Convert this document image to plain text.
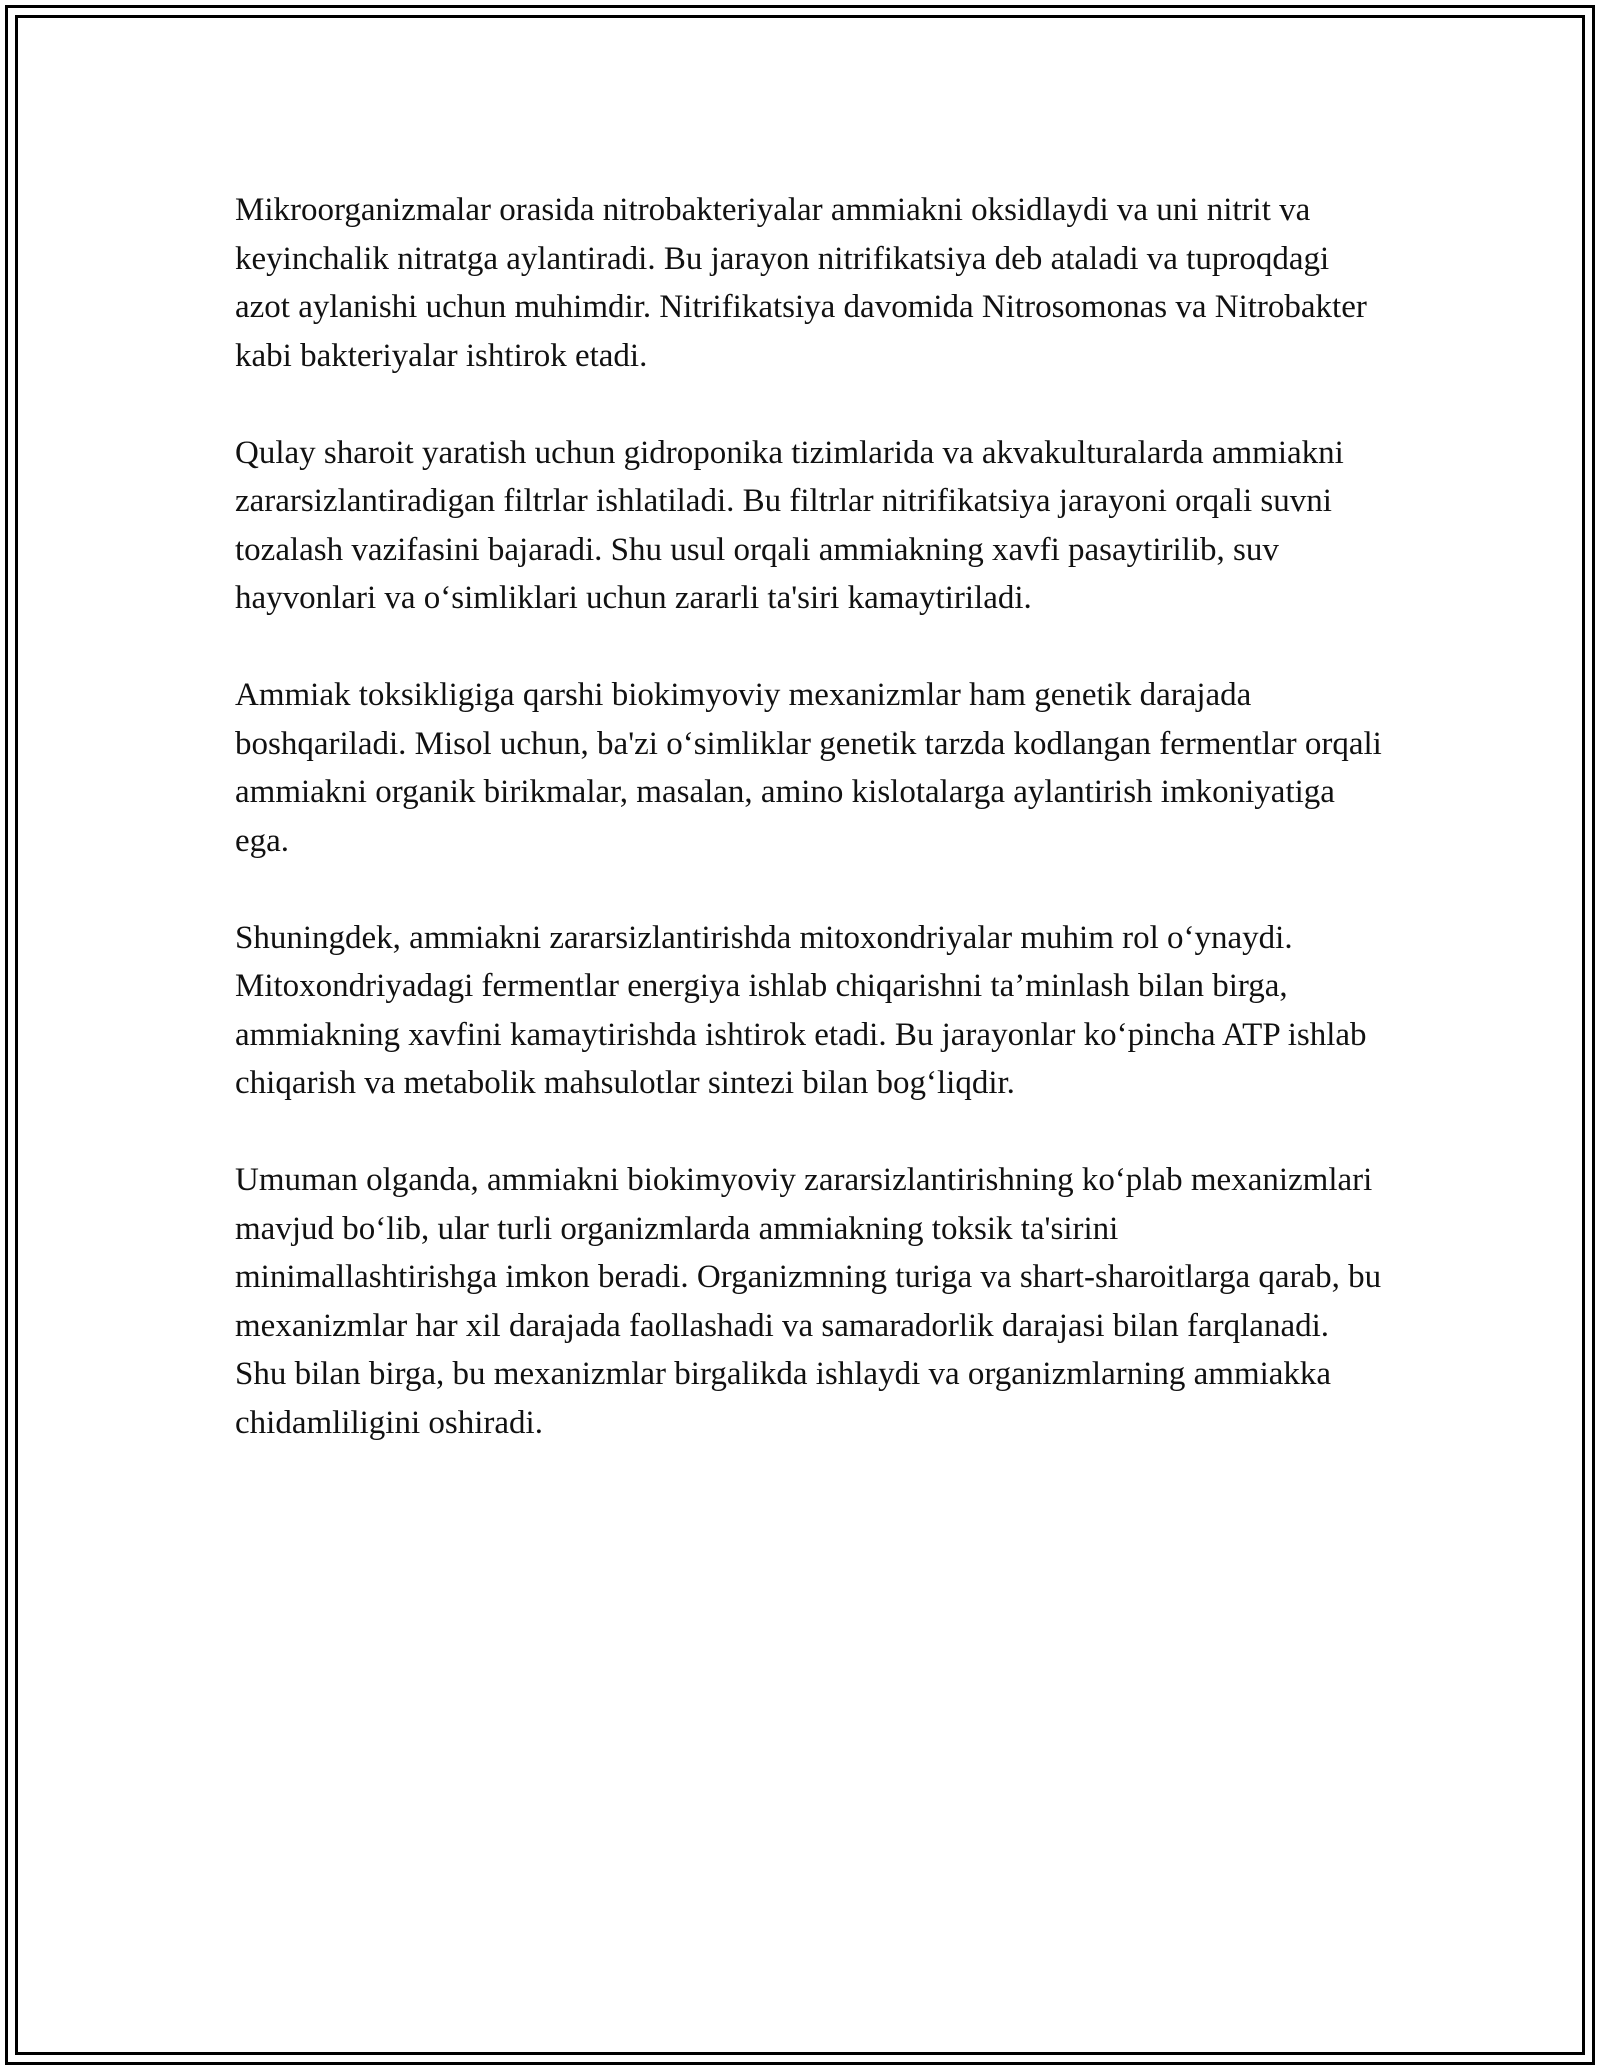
Mikroorganizmalar orasida nitrobakteriyalar ammiakni oksidlaydi va uni nitrit va keyinchalik nitratga aylantiradi. Bu jarayon nitrifikatsiya deb ataladi va tuproqdagi azot aylanishi uchun muhimdir. Nitrifikatsiya davomida Nitrosomonas va Nitrobakter kabi bakteriyalar ishtirok etadi.

Qulay sharoit yaratish uchun gidroponika tizimlarida va akvakulturalarda ammiakni zararsizlantiradigan filtrlar ishlatiladi. Bu filtrlar nitrifikatsiya jarayoni orqali suvni tozalash vazifasini bajaradi. Shu usul orqali ammiakning xavfi pasaytirilib, suv hayvonlari va o‘simliklari uchun zararli ta'siri kamaytiriladi.

Ammiak toksikligiga qarshi biokimyoviy mexanizmlar ham genetik darajada boshqariladi. Misol uchun, ba'zi o‘simliklar genetik tarzda kodlangan fermentlar orqali ammiakni organik birikmalar, masalan, amino kislotalarga aylantirish imkoniyatiga ega.

Shuningdek, ammiakni zararsizlantirishda mitoxondriyalar muhim rol o‘ynaydi. Mitoxondriyadagi fermentlar energiya ishlab chiqarishni ta’minlash bilan birga, ammiakning xavfini kamaytirishda ishtirok etadi. Bu jarayonlar ko‘pincha ATP ishlab chiqarish va metabolik mahsulotlar sintezi bilan bog‘liqdir.

Umuman olganda, ammiakni biokimyoviy zararsizlantirishning ko‘plab mexanizmlari mavjud bo‘lib, ular turli organizmlarda ammiakning toksik ta'sirini minimallashtirishga imkon beradi. Organizmning turiga va shart-sharoitlarga qarab, bu mexanizmlar har xil darajada faollashadi va samaradorlik darajasi bilan farqlanadi. Shu bilan birga, bu mexanizmlar birgalikda ishlaydi va organizmlarning ammiakka chidamliligini oshiradi.
